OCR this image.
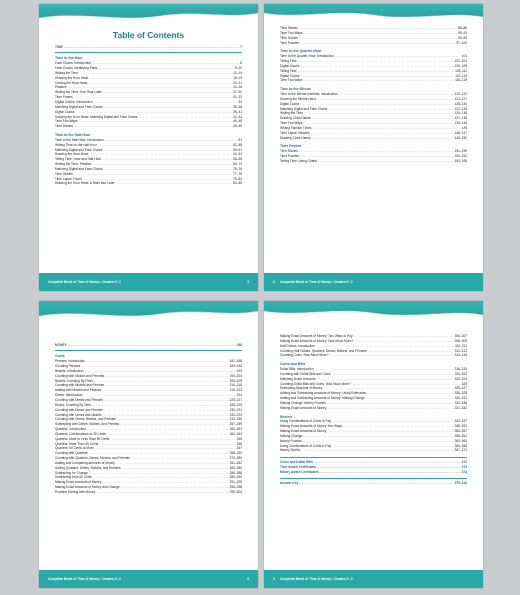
Table of Contents
TIME .....	7
Time to the Hour
Face Clocks: Introduction .....	8
Face Clocks: Identifying Parts .....	9–10
Writing the Time .....	11–14
Drawing the Hour Hand .....	15–19
Circling the Hour Hand .....	20–21
Practice .....	22–26
Writing the Time: One Hour Later .....	27–30
Time Poems .....	31–33
Digital Clocks: Introduction .....	34
Matching Digital and Face Clocks .....	35–38
Digital Clocks .....	39–41
Drawing the Hour Hand: Matching Digital and Face Clocks .....	42–44
Time Two Ways .....	45–48
Time Stories .....	49–50
Time to the Half-Hour
Time to the Half-Hour: Introduction .....	51
Writing Time on the Half-Hour .....	52–58
Matching Digital and Face Clocks .....	59–61
Drawing the Hour Hand .....	62–64
Telling Time: Hour and Half-Hour .....	65–68
Writing the Time: Practice .....	69–74
Matching Digital and Face Clocks .....	75–76
Time Stories .....	77–78
Time Lapse: Hours .....	79–82
Drawing the Hour Hand: A Half-Hour Later .....	83–85
Complete Book of Time & Money • Grades K–3	3
Time Stories .....	86–88
Time Two Ways .....	89–93
Time Stories .....	94–96
Time Puzzles .....	97–100
Time to the Quarter-Hour
Time to the Quarter-Hour: Introduction .....	101
Telling Time .....	102–104
Digital Clocks .....	105–108
Telling Time .....	109–111
Digital Clocks .....	112–114
Time Two Ways .....	115–119
Time to the Minute
Time to the Minute Intervals: Introduction .....	120–122
Drawing the Minute Hand .....	123–127
Digital Clocks .....	128–130
Matching Digital and Face Clocks .....	131–134
Writing the Time .....	135–136
Drawing Clock Hands .....	137–138
Time Two Ways .....	139–144
Writing Familiar Times .....	145
Time Lapse: Minutes .....	146–147
Drawing Clock Hands .....	148–150
Time Review
Time Stories .....	151–159
Time Puzzles .....	160–162
Telling Time: Using Charts .....	163–165
4 Complete Book of Time & Money • Grades K–3
MONEY .....	166
Coins
Pennies: Introduction .....	167–168
Counting Pennies .....	169–192
Nickels: Introduction .....	193
Counting with Nickels and Pennies .....	194–204
Nickels: Counting By Fives .....	205–209
Counting with Nickels and Pennies .....	210–218
Adding with Nickels and Pennies .....	219–223
Dimes: Introduction .....	224
Counting with Dimes and Pennies .....	225–227
Dimes: Counting By Tens .....	228–229
Counting with Dimes and Pennies .....	230–231
Counting with Dimes and Nickels .....	232–233
Counting with Dimes, Nickels, and Pennies .....	234–256
Subtracting with Dimes, Nickels, and Pennies .....	257–259
Quarters: Introduction .....	260–261
Quarters: Combinations of 25 Cents .....	262–264
Quarters: More or Less Than 50 Cents .....	265
Quarters: More Than 25 Cents .....	266
Quarters: 50 Cents or More .....	267
Counting with Quarters .....	268–269
Counting with Quarters, Dimes, Nickels, and Pennies .....	270–280
Adding and Comparing Amounts of Money .....	281–282
Adding Quarters, Dimes, Nickels, and Pennies .....	283–285
Subtracting for Change .....	286–288
Subtracting from 50 Cents .....	289–290
Making Exact Amounts of Money .....	291–295
Making Exact Amounts of Money and Change .....	296–298
Problem Solving with Money .....	299–304
Complete Book of Time & Money • Grades K–3	5
Making Exact Amounts of Money: Two Ways to Pay .....	305–307
Making Exact Amounts of Money: How Much More? .....	308–309
Half Dollars: Introduction .....	310–311
Counting Half Dollars, Quarters, Dimes, Nickels, and Pennies .....	312–313
Counting Coins: How Much More? .....	314–315
Coins and Bills
Dollar Bills: Introduction .....	316–319
Counting with Dollar Bills and Coins .....	320–322
Matching Dollar Amounts .....	323–324
Counting Dollar Bills and Coins: How Much More? .....	325
Estimating Amounts of Money .....	326–327
Adding and Subtracting Amounts of Money: Using Estimation .....	328–329
Adding and Subtracting Amounts of Money: Making Change .....	330–331
Making Change: Money Puzzles .....	332–336
Making Exact Amounts of Money .....	337–342
Review
Using Combinations of Coins to Pay .....	343–347
Making Exact Amounts of Money Two Ways .....	348–352
Making Exact Amounts of Money .....	353–357
Making Change .....	358–362
Money Puzzles .....	363–364
Using Combinations of Coins to Pay .....	365–366
Money Stories .....	367–371
Coins and Dollar Bills .....	372
Time Award Certificates .....	373
Money Award Certificates .....	374
Answer Key .....	375–416
6 Complete Book of Time & Money • Grades K–3
